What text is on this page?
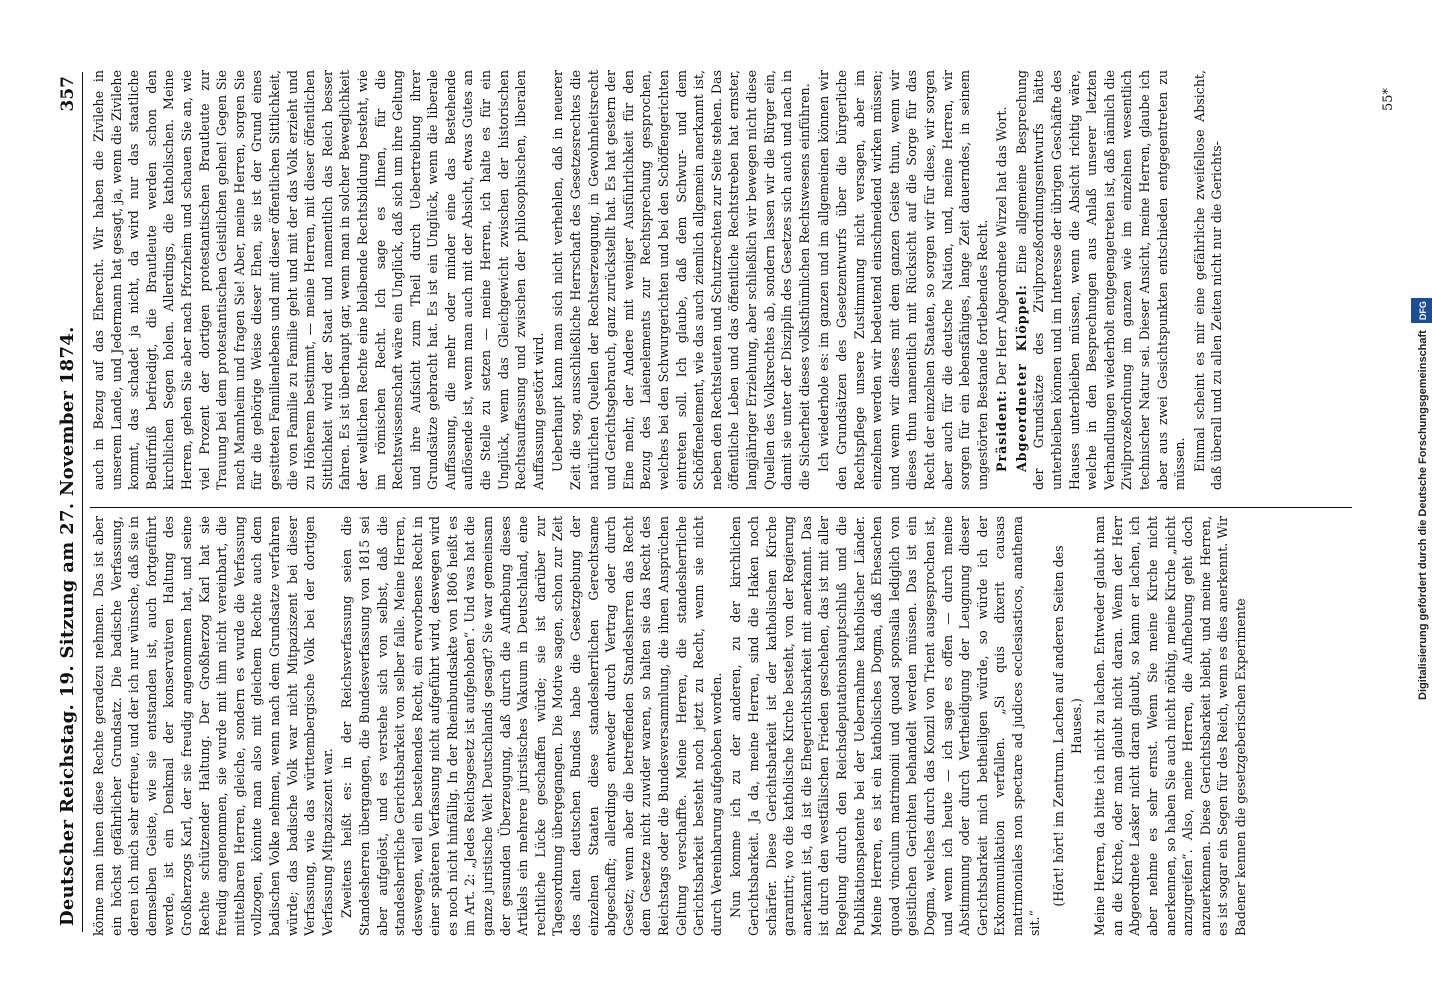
Deutscher Reichstag. 19. Sitzung am 27. November 1874.
357

könne man ihnen diese Rechte geradezu nehmen. Das ist aber ein höchst gefährlicher Grundsatz. Die badische Verfassung, deren ich mich sehr erfreue, und der ich nur wünsche, daß sie in demselben Geiste, wie sie entstanden ist, auch fortgeführt werde, ist ein Denkmal der konservativen Haltung des Großherzogs Karl, der sie freudig angenommen hat, und seine Rechte schützender Haltung. Der Großherzog Karl hat sie freudig angenommen, sie wurde mit ihm nicht vereinbart, die mittelbaren Herren, gleiche, sondern es wurde die Verfassung vollzogen, könnte man also mit gleichem Rechte auch dem badischen Volke nehmen, wenn nach dem Grundsatze verfahren würde; das badische Volk war nicht Mitpaziszent bei dieser Verfassung, wie das württembergische Volk bei der dortigen Verfassung Mitpaziszent war. Zweitens heißt es: in der Reichsverfassung seien die Standesherren übergangen, die Bundesverfassung von 1815 sei aber aufgelöst, und es verstehe sich von selbst, daß die standesherrliche Gerichtsbarkeit von selber falle. Meine Herren, deswegen, weil ein bestehendes Recht, ein erworbenes Recht in einer späteren Verfassung nicht aufgeführt wird, deswegen wird es noch nicht hinfällig. In der Rheinbundsakte von 1806 heißt es im Art. 2: „Jedes Reichsgesetz ist aufgehoben“. Und was hat die ganze juristische Welt Deutschlands gesagt? Sie war gemeinsam der gesunden Überzeugung, daß durch die Aufhebung dieses Artikels ein mehrere juristisches Vakuum in Deutschland, eine rechtliche Lücke geschaffen würde; sie ist darüber zur Tagesordnung übergegangen. Die Motive sagen, schon zur Zeit des alten deutschen Bundes habe die Gesetzgebung der einzelnen Staaten diese standesherrlichen Gerechtsame abgeschafft; allerdings entweder durch Vertrag oder durch Gesetz; wenn aber die betreffenden Standesherren das Recht dem Gesetze nicht zuwider waren, so halten sie das Recht des Reichstags oder die Bundesversammlung, die ihnen Ansprüchen Geltung verschaffte. Meine Herren, die standesherrliche Gerichtsbarkeit besteht noch jetzt zu Recht, wenn sie nicht durch Vereinbarung aufgehoben worden. Nun komme ich zu der anderen, zu der kirchlichen Gerichtsbarkeit. Ja da, meine Herren, sind die Haken noch schärfer. Diese Gerichtsbarkeit ist der katholischen Kirche garantirt; wo die katholische Kirche besteht, von der Regierung anerkannt ist, da ist die Ehegerichtsbarkeit mit anerkannt. Das ist durch den westfälischen Frieden geschehen, das ist mit aller Regelung durch den Reichsdeputationshauptschluß und die Publikationspatente bei der Uebernahme katholischer Länder. Meine Herren, es ist ein katholisches Dogma, daß Ehesachen quoad vinculum matrimonii und quoad sponsalia lediglich von geistlichen Gerichten behandelt werden müssen. Das ist ein Dogma, welches durch das Konzil von Trient ausgesprochen ist, und wenn ich heute — ich sage es offen — durch meine Abstimmung oder durch Vertheidigung der Leugnung dieser Gerichtsbarkeit mich betheiligen würde, so würde ich der Exkommunikation verfallen. „Si quis dixerit causas matrimoniales non spectare ad judices ecclesiasticos, anathema sit.“

(Hört! hört! im Zentrum. Lachen auf anderen Seiten des Hauses.) Meine Herren, da bitte ich nicht zu lachen. Entweder glaubt man an die Kirche, oder man glaubt nicht daran. Wenn der Herr Abgeordnete Lasker nicht daran glaubt, so kann er lachen, ich aber nehme es sehr ernst. Wenn Sie meine Kirche nicht anerkennen, so haben Sie auch nicht nöthig, meine Kirche „nicht anzugreifen“. Also, meine Herren, die Aufhebung geht doch anzuerkennen. Diese Gerichtsbarkeit bleibt, und meine Herren, es ist sogar ein Segen für des Reich, wenn es dies anerkennt. Wir Badener kennen die gesetzgeberischen Experimente

auch in Bezug auf das Eherecht. Wir haben die Zivilehe in unserem Lande, und Jedermann hat gesagt, ja, wenn die Zivilehe kommt, das schadet ja nicht, da wird nur das staatliche Bedürfniß befriedigt, die Brautleute werden schon den kirchlichen Segen holen. Allerdings, die katholischen. Meine Herren, gehen Sie aber nach Pforzheim und schauen Sie an, wie viel Prozent der dortigen protestantischen Brautleute zur Trauung bei dem protestantischen Geistlichen gehen! Gegen Sie nach Mannheim und fragen Sie! Aber, meine Herren, sorgen Sie für die gehörige Weise dieser Ehen, sie ist der Grund eines gesitteten Familienlebens und mit dieser öffentlichen Sittlichkeit, die von Familie zu Familie geht und mit der das Volk erzieht und zu Höherem bestimmt, — meine Herren, mit dieser öffentlichen Sittlichkeit wird der Staat und namentlich das Reich besser fahren. Es ist überhaupt gar, wenn man in solcher Beweglichkeit der weltlichen Rechte eine bleibende Rechtsbildung besteht, wie im römischen Recht. Ich sage es Ihnen, für die Rechtswissenschaft wäre ein Unglück, daß sich um ihre Geltung und ihre Aufsicht zum Theil durch Uebertreibung ihrer Grundsätze gebracht hat. Es ist ein Unglück, wenn die liberale Auffassung, die mehr oder minder eine das Bestehende auflösende ist, wenn man auch mit der Absicht, etwas Gutes an die Stelle zu setzen — meine Herren, ich halte es für ein Unglück, wenn das Gleichgewicht zwischen der historischen Rechtsauffassung und zwischen der philosophischen, liberalen Auffassung gestört wird. Ueberhaupt kann man sich nicht verhehlen, daß in neuerer Zeit die sog. ausschließliche Herrschaft des Gesetzesrechtes die natürlichen Quellen der Rechtserzeugung, in Gewohnheitsrecht und Gerichtsgebrauch, ganz zurückstellt hat. Es hat gestern der Eine mehr, der Andere mit weniger Ausführlichkeit für den Bezug des Laienelements zur Rechtsprechung gesprochen, welches bei den Schwurgerichten und bei den Schöffengerichten eintreten soll. Ich glaube, daß dem Schwur- und dem Schöffenelement, wie das auch ziemlich allgemein anerkannt ist, neben den Rechtsleuten und Schutzrechten zur Seite stehen. Das öffentliche Leben und das öffentliche Rechtstreben hat ernster, langjähriger Erziehung, aber schließlich wir bewegen nicht diese Quellen des Volksrechtes ab, sondern lassen wir die Bürger ein, damit sie unter der Disziplin des Gesetzes sich auch und nach in die Sicherheit dieses volksthümlichen Rechtswesens einführen. Ich wiederhole es: im ganzen und im allgemeinen können wir den Grundsätzen des Gesetzentwurfs über die bürgerliche Rechtspflege unsere Zustimmung nicht versagen, aber im einzelnen werden wir bedeutend einschneidend wirken müssen; und wenn wir dieses mit dem ganzen Geiste thun, wenn wir dieses thun namentlich mit Rücksicht auf die Sorge für das Recht der einzelnen Staaten, so sorgen wir für diese, wir sorgen aber auch für die deutsche Nation, und, meine Herren, wir sorgen für ein lebensfähiges, lange Zeit dauerndes, in seinem ungestörten Bestande fortlebendes Recht. Präsident: Der Herr Abgeordnete Wirzel hat das Wort. Abgeordneter Klöppel: Eine allgemeine Besprechung der Grundsätze des Zivilprozeßordnungsentwurfs hätte unterbleiben können und im Interesse der übrigen Geschäfte des Hauses unterbleiben müssen, wenn die Absicht richtig wäre, welche in den Besprechungen aus Anlaß unserer letzten Verhandlungen wiederholt entgegengetreten ist, daß nämlich die Zivilprozeßordnung im ganzen wie im einzelnen wesentlich technischer Natur sei. Dieser Ansicht, meine Herren, glaube ich aber aus zwei Gesichtspunkten entschieden entgegentreten zu müssen. Einmal scheint es mir eine gefährliche zweifellose Absicht, daß überall und zu allen Zeiten nicht nur die Gerichts-

55*
Digitalisierung gefördert durch die Deutsche Forschungsgemeinschaft DFG
